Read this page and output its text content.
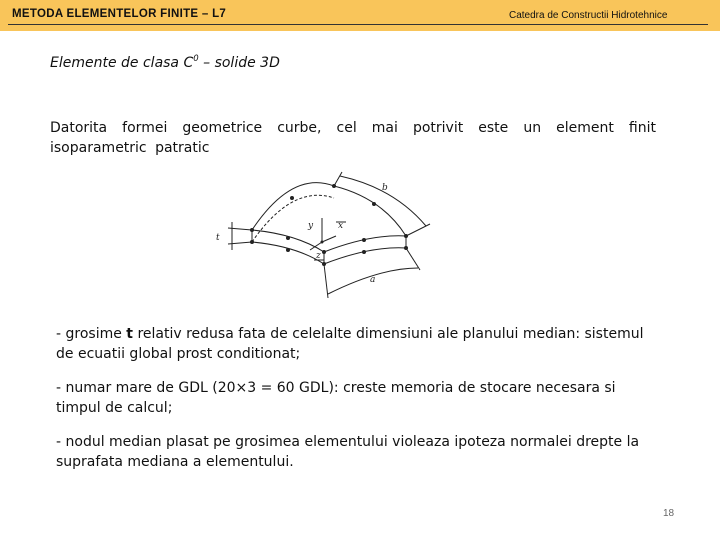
METODA ELEMENTELOR FINITE – L7	Catedra de Constructii Hidrotehnice
Elemente de clasa $C^0$ – solide 3D
Datorita formei geometrice curbe, cel mai potrivit este un element finit isoparametric patratic
b
a
t
y	x
z

- grosime t relativ redusa fata de celelalte dimensiuni ale planului median: sistemul de ecuatii global prost conditionat;

- numar mare de GDL (20×3 = 60 GDL): creste memoria de stocare necesara si timpul de calcul;

- nodul median plasat pe grosimea elementului violeaza ipoteza normalei drepte la suprafata mediana a elementului.

18
